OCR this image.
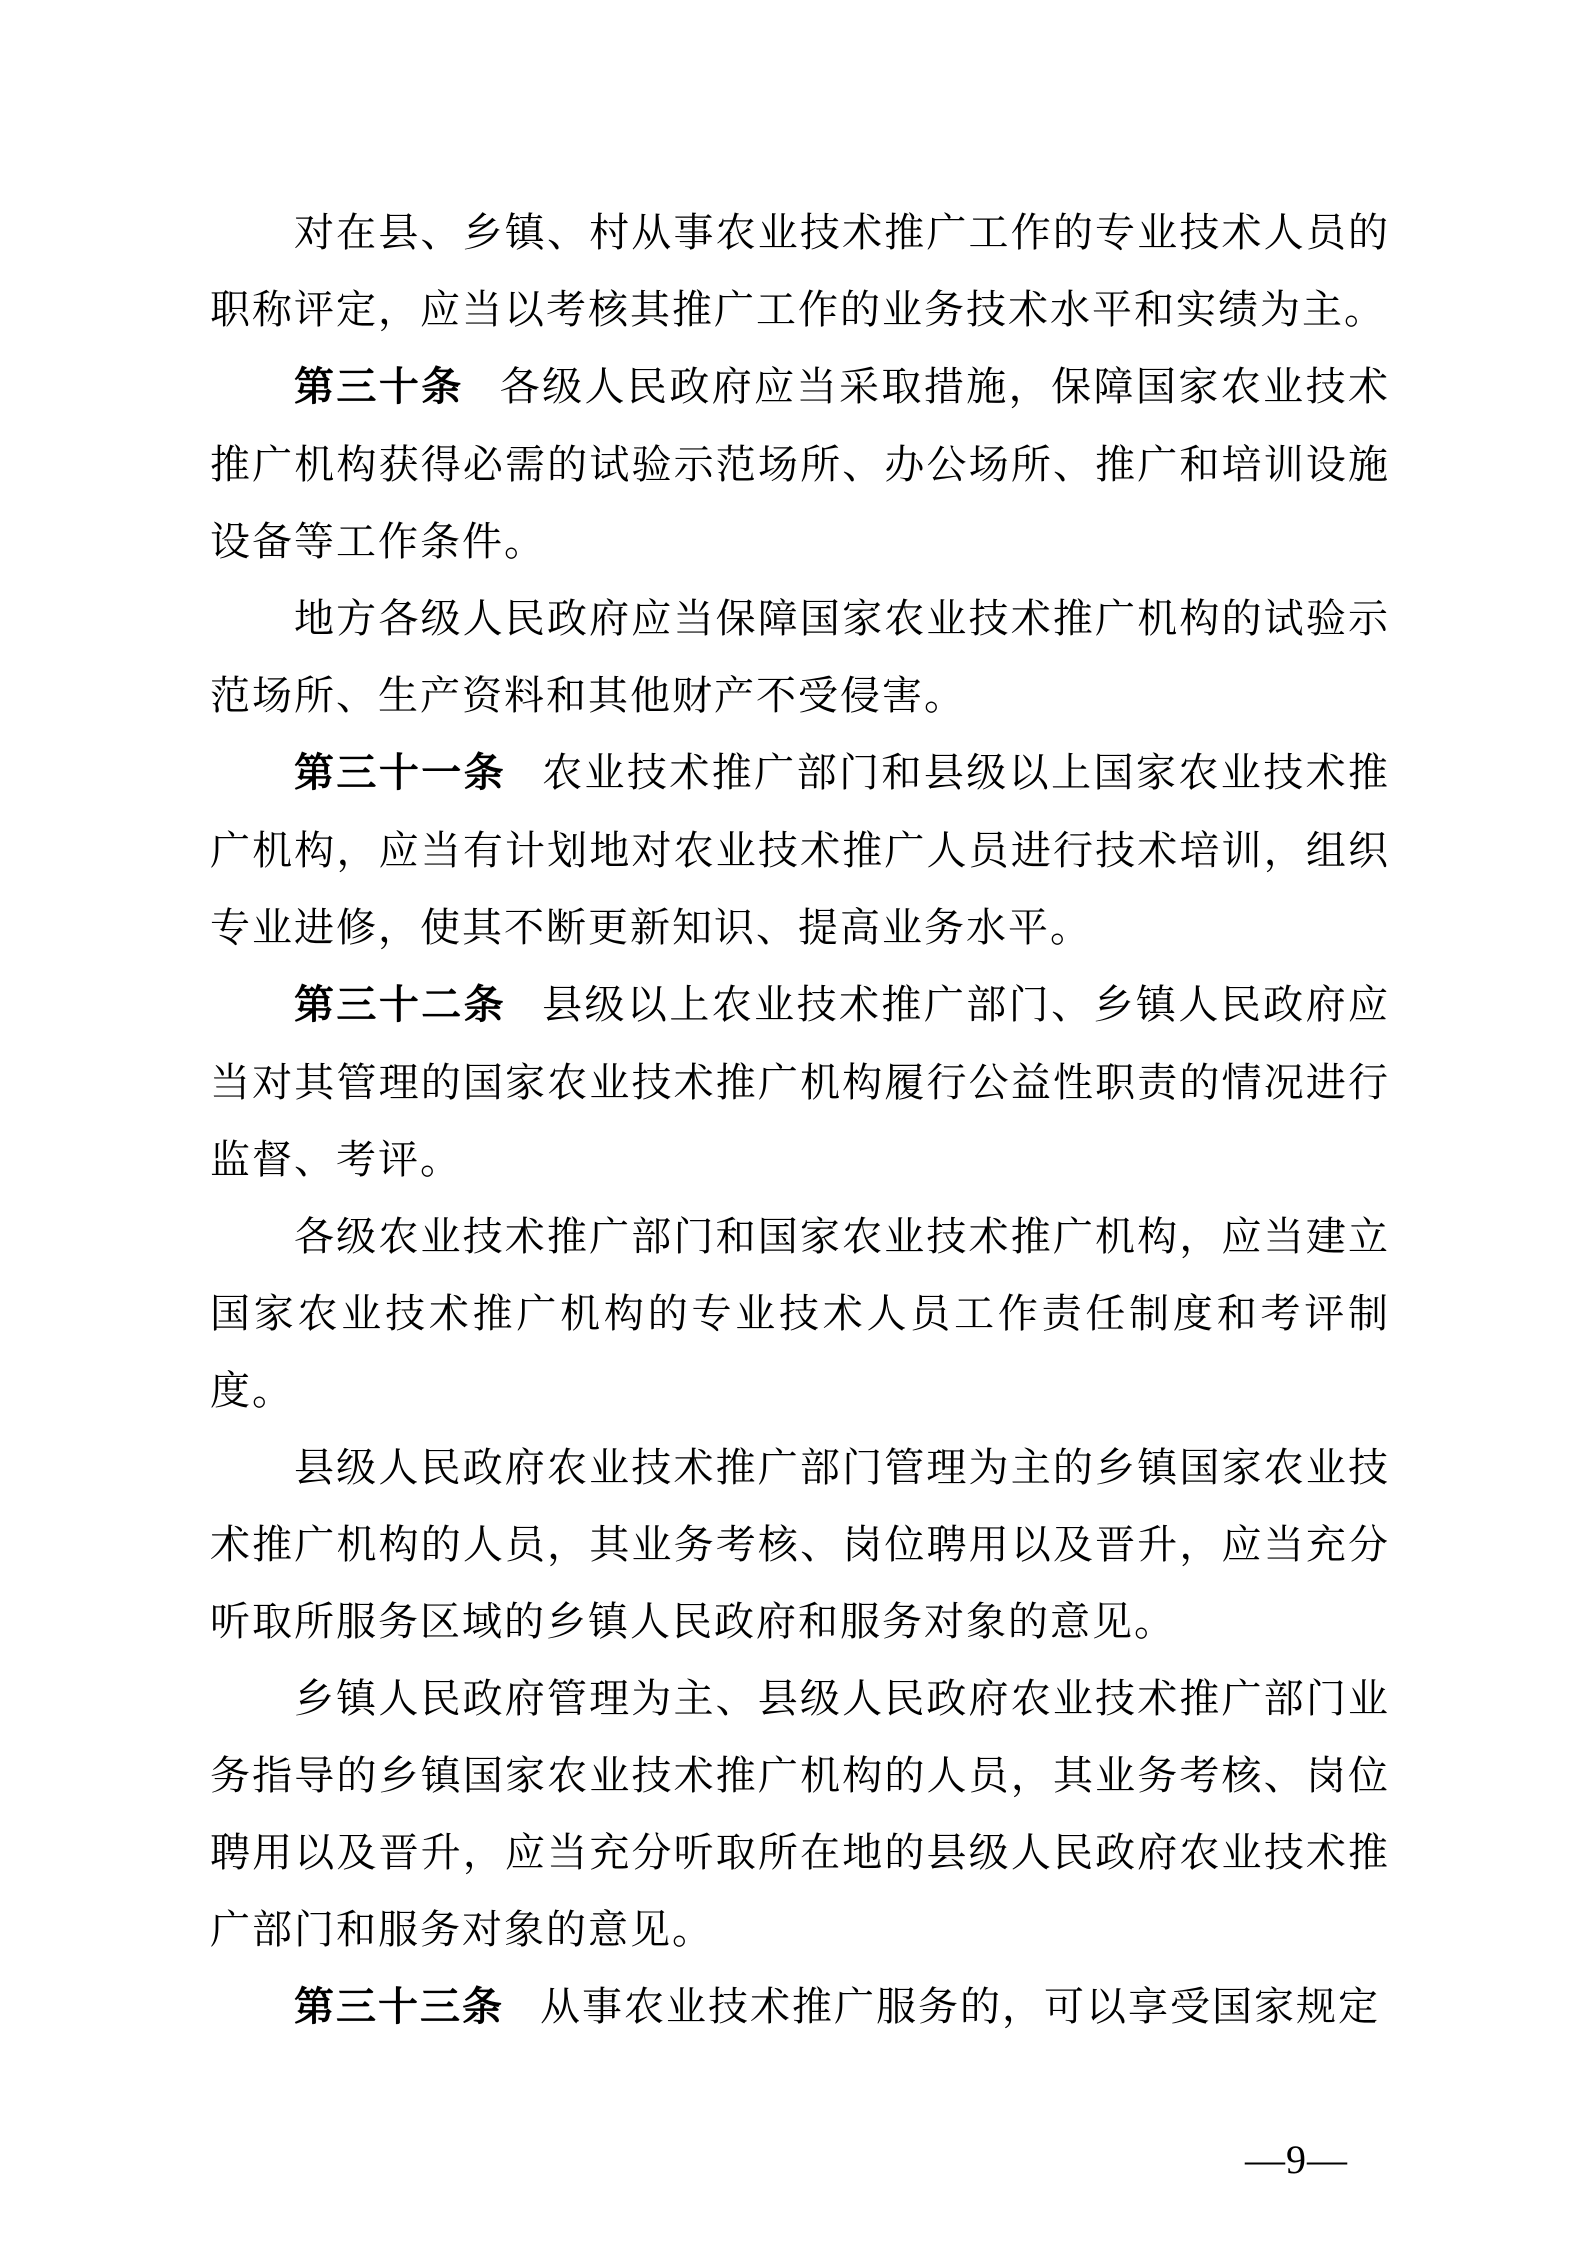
对在县、乡镇、村从事农业技术推广工作的专业技术人员的职称评定，应当以考核其推广工作的业务技术水平和实绩为主。

第三十条 各级人民政府应当采取措施，保障国家农业技术推广机构获得必需的试验示范场所、办公场所、推广和培训设施设备等工作条件。

地方各级人民政府应当保障国家农业技术推广机构的试验示范场所、生产资料和其他财产不受侵害。

第三十一条 农业技术推广部门和县级以上国家农业技术推广机构，应当有计划地对农业技术推广人员进行技术培训，组织专业进修，使其不断更新知识、提高业务水平。

第三十二条 县级以上农业技术推广部门、乡镇人民政府应当对其管理的国家农业技术推广机构履行公益性职责的情况进行监督、考评。

各级农业技术推广部门和国家农业技术推广机构，应当建立国家农业技术推广机构的专业技术人员工作责任制度和考评制度。

县级人民政府农业技术推广部门管理为主的乡镇国家农业技术推广机构的人员，其业务考核、岗位聘用以及晋升，应当充分听取所服务区域的乡镇人民政府和服务对象的意见。

乡镇人民政府管理为主、县级人民政府农业技术推广部门业务指导的乡镇国家农业技术推广机构的人员，其业务考核、岗位聘用以及晋升，应当充分听取所在地的县级人民政府农业技术推广部门和服务对象的意见。

第三十三条 从事农业技术推广服务的，可以享受国家规定

—9—
